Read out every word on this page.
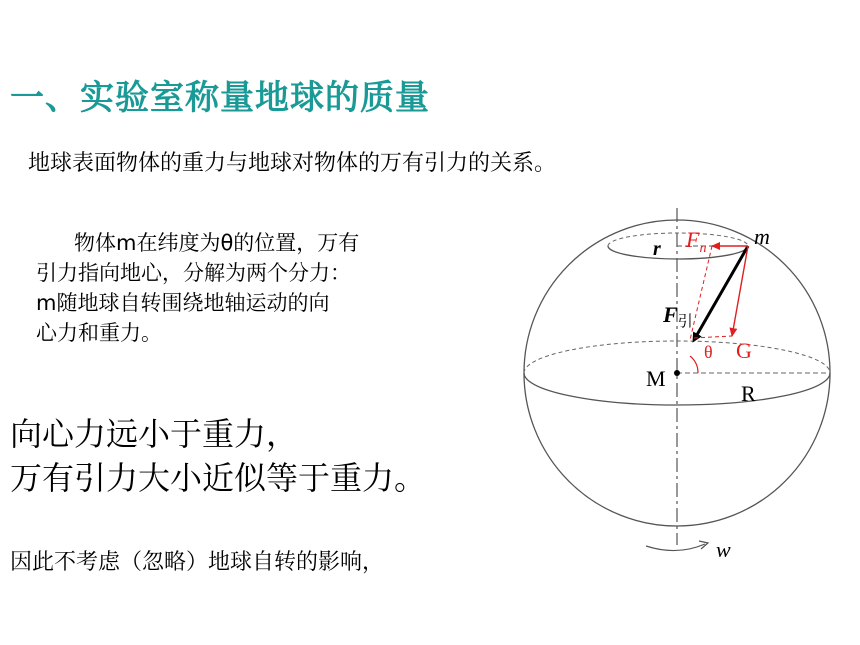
一、实验室称量地球的质量
地球表面物体的重力与地球对物体的万有引力的关系。
物体m在纬度为θ的位置，万有
引力指向地心，分解为两个分力：
m随地球自转围绕地轴运动的向
心力和重力。
向心力远小于重力，
万有引力大小近似等于重力。
因此不考虑（忽略）地球自转的影响，
r $F_n$ m
F引
θ G
M
R
w
